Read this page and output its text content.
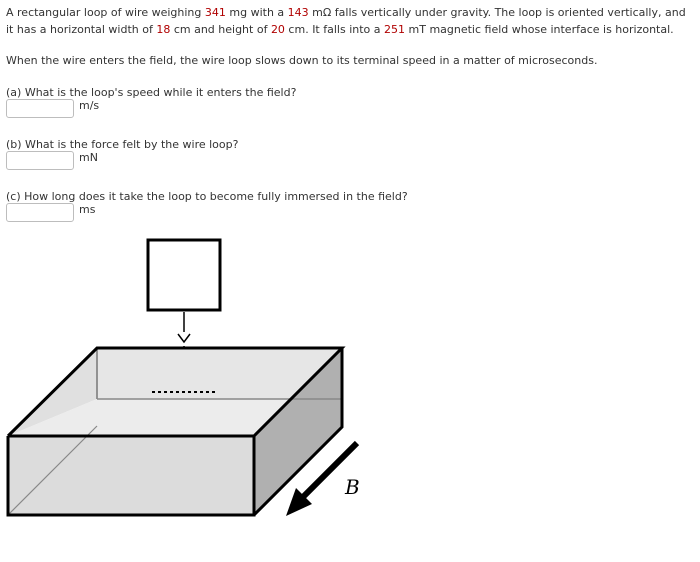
A rectangular loop of wire weighing 341 mg with a 143 mΩ falls vertically under gravity. The loop is oriented vertically, and it has a horizontal width of 18 cm and height of 20 cm. It falls into a 251 mT magnetic field whose interface is horizontal.
When the wire enters the field, the wire loop slows down to its terminal speed in a matter of microseconds.
(a) What is the loop's speed while it enters the field?
m/s
(b) What is the force felt by the wire loop?
mN
(c) How long does it take the loop to become fully immersed in the field?
ms
B
